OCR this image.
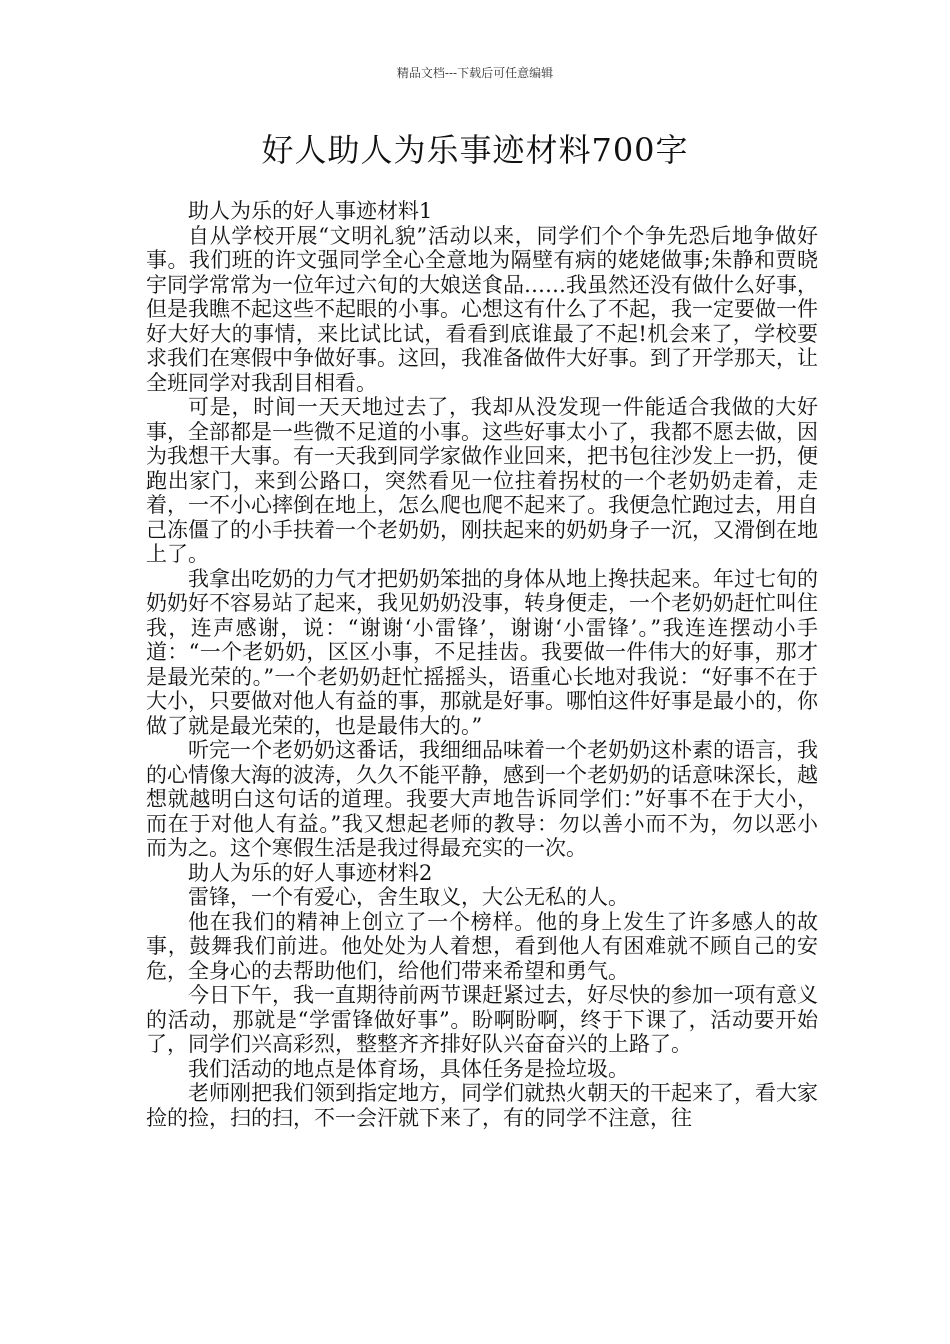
精品文档---下载后可任意编辑
好人助人为乐事迹材料700字

助人为乐的好人事迹材料1

自从学校开展“文明礼貌”活动以来，同学们个个争先恐后地争做好事。我们班的许文强同学全心全意地为隔壁有病的姥姥做事;朱静和贾晓宇同学常常为一位年过六旬的大娘送食品……我虽然还没有做什么好事，但是我瞧不起这些不起眼的小事。心想这有什么了不起，我一定要做一件好大好大的事情，来比试比试，看看到底谁最了不起!机会来了，学校要求我们在寒假中争做好事。这回，我准备做件大好事。到了开学那天，让全班同学对我刮目相看。

可是，时间一天天地过去了，我却从没发现一件能适合我做的大好事，全部都是一些微不足道的小事。这些好事太小了，我都不愿去做，因为我想干大事。有一天我到同学家做作业回来，把书包往沙发上一扔，便跑出家门，来到公路口，突然看见一位拄着拐杖的一个老奶奶走着，走着，一不小心摔倒在地上，怎么爬也爬不起来了。我便急忙跑过去，用自己冻僵了的小手扶着一个老奶奶，刚扶起来的奶奶身子一沉，又滑倒在地上了。

我拿出吃奶的力气才把奶奶笨拙的身体从地上搀扶起来。年过七旬的奶奶好不容易站了起来，我见奶奶没事，转身便走，一个老奶奶赶忙叫住我，连声感谢，说：“谢谢‘小雷锋’，谢谢‘小雷锋’。”我连连摆动小手道：“一个老奶奶，区区小事，不足挂齿。我要做一件伟大的好事，那才是最光荣的。”一个老奶奶赶忙摇摇头，语重心长地对我说：“好事不在于大小，只要做对他人有益的事，那就是好事。哪怕这件好事是最小的，你做了就是最光荣的，也是最伟大的。”

听完一个老奶奶这番话，我细细品味着一个老奶奶这朴素的语言，我的心情像大海的波涛，久久不能平静，感到一个老奶奶的话意味深长，越想就越明白这句话的道理。我要大声地告诉同学们：”好事不在于大小，而在于对他人有益。”我又想起老师的教导：勿以善小而不为，勿以恶小而为之。这个寒假生活是我过得最充实的一次。

助人为乐的好人事迹材料2

雷锋，一个有爱心，舍生取义，大公无私的人。

他在我们的精神上创立了一个榜样。他的身上发生了许多感人的故事，鼓舞我们前进。他处处为人着想，看到他人有困难就不顾自己的安危，全身心的去帮助他们，给他们带来希望和勇气。

今日下午，我一直期待前两节课赶紧过去，好尽快的参加一项有意义的活动，那就是“学雷锋做好事”。盼啊盼啊，终于下课了，活动要开始了，同学们兴高彩烈，整整齐齐排好队兴奋奋兴的上路了。

我们活动的地点是体育场，具体任务是捡垃圾。

老师刚把我们领到指定地方，同学们就热火朝天的干起来了，看大家捡的捡，扫的扫，不一会汗就下来了，有的同学不注意，往
